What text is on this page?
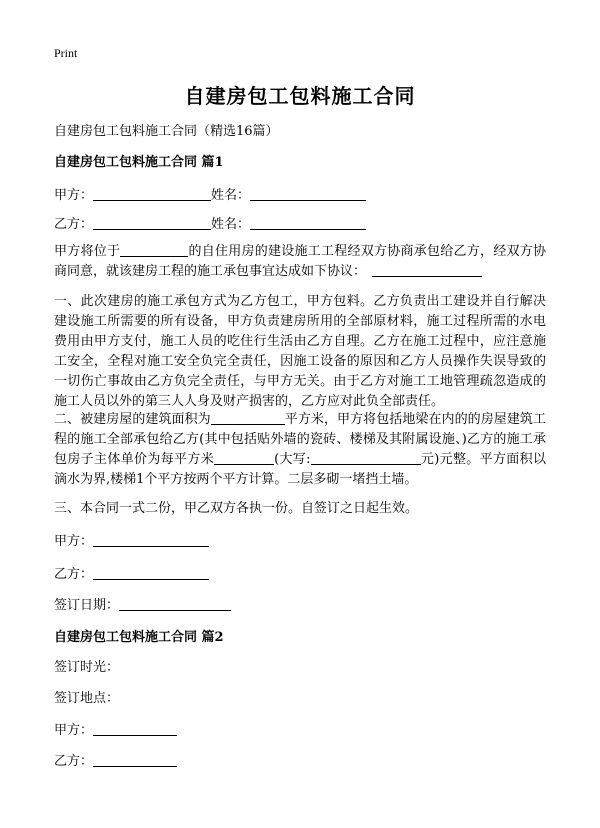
Print
自建房包工包料施工合同
自建房包工包料施工合同（精选16篇）
自建房包工包料施工合同 篇1
甲方：	姓名：
乙方：	姓名：
甲方将位于	的自住用房的建设施工工程经双方协商承包给乙方，经双方协商同意，就该建房工程的施工承包事宜达成如下协议：
一、此次建房的施工承包方式为乙方包工，甲方包料。乙方负责出工建设并自行解决建设施工所需要的所有设备，甲方负责建房所用的全部原材料，施工过程所需的水电费用由甲方支付，施工人员的吃住行生活由乙方自理。乙方在施工过程中，应注意施工安全，全程对施工安全负完全责任，因施工设备的原因和乙方人员操作失误导致的一切伤亡事故由乙方负完全责任，与甲方无关。由于乙方对施工工地管理疏忽造成的施工人员以外的第三人人身及财产损害的，乙方应对此负全部责任。
二、被建房屋的建筑面积为	平方米，甲方将包括地梁在内的的房屋建筑工程的施工全部承包给乙方(其中包括贴外墙的瓷砖、楼梯及其附属设施、)乙方的施工承包房子主体单价为每平方米	(大写:	元)元整。平方面积以滴水为界,楼梯1个平方按两个平方计算。二层多砌一堵挡土墙。
三、本合同一式二份，甲乙双方各执一份。自签订之日起生效。
甲方：
乙方：
签订日期：
自建房包工包料施工合同 篇2
签订时光：
签订地点：
甲方：
乙方：
